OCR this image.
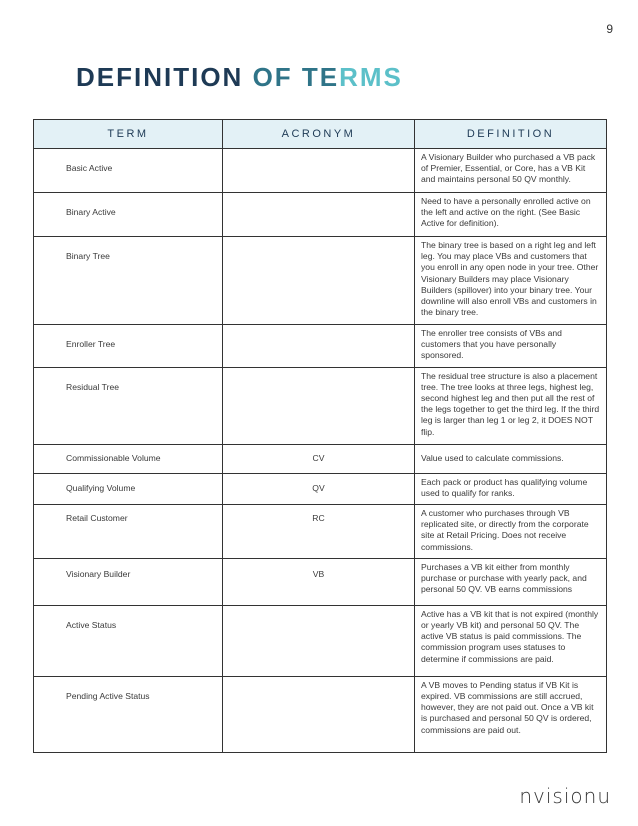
9
DEFINITION OF TERMS
TERM	ACRONYM	DEFINITION
Basic Active		A Visionary Builder who purchased a VB pack of Premier, Essential, or Core, has a VB Kit and maintains personal 50 QV monthly.
Binary Active		Need to have a personally enrolled active on the left and active on the right. (See Basic Active for definition).
Binary Tree		The binary tree is based on a right leg and left leg. You may place VBs and customers that you enroll in any open node in your tree. Other Visionary Builders may place Visionary Builders (spillover) into your binary tree. Your downline will also enroll VBs and customers in the binary tree.
Enroller Tree		The enroller tree consists of VBs and customers that you have personally sponsored.
Residual Tree		The residual tree structure is also a placement tree. The tree looks at three legs, highest leg, second highest leg and then put all the rest of the legs together to get the third leg. If the third leg is larger than leg 1 or leg 2, it DOES NOT flip.
Commissionable Volume	CV	Value used to calculate commissions.
Qualifying Volume	QV	Each pack or product has qualifying volume used to qualify for ranks.
Retail Customer	RC	A customer who purchases through VB replicated site, or directly from the corporate site at Retail Pricing. Does not receive commissions.
Visionary Builder	VB	Purchases a VB kit either from monthly purchase or purchase with yearly pack, and personal 50 QV. VB earns commissions
Active Status		Active has a VB kit that is not expired (monthly or yearly VB kit) and personal 50 QV. The active VB status is paid commissions. The commission program uses statuses to determine if commissions are paid.
Pending Active Status		A VB moves to Pending status if VB Kit is expired. VB commissions are still accrued, however, they are not paid out. Once a VB kit is purchased and personal 50 QV is ordered, commissions are paid out.
nvisionu
